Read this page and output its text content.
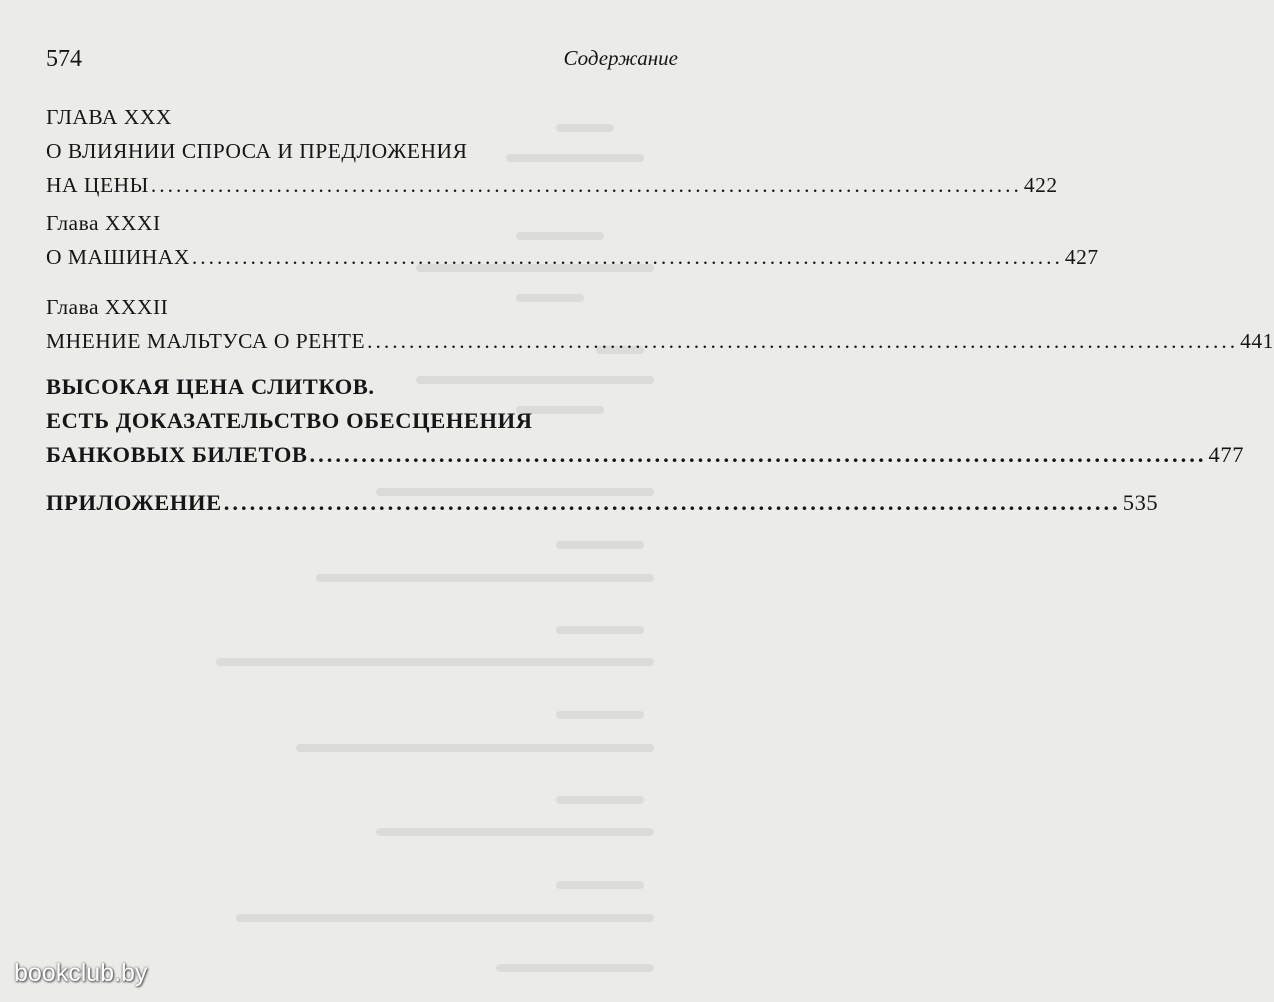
574	Содержание
ГЛАВА XXX
О ВЛИЯНИИ СПРОСА И ПРЕДЛОЖЕНИЯ
НА ЦЕНЫ ........................................................................................................ 422
Глава XXXI
О МАШИНАХ ........................................................................................................ 427
Глава XXXII
МНЕНИЕ МАЛЬТУСА О РЕНТЕ ........................................................................................................ 441
ВЫСОКАЯ ЦЕНА СЛИТКОВ.
ЕСТЬ ДОКАЗАТЕЛЬСТВО ОБЕСЦЕНЕНИЯ
БАНКОВЫХ БИЛЕТОВ ........................................................................................................ 477
ПРИЛОЖЕНИЕ ........................................................................................................ 535
bookclub.by
